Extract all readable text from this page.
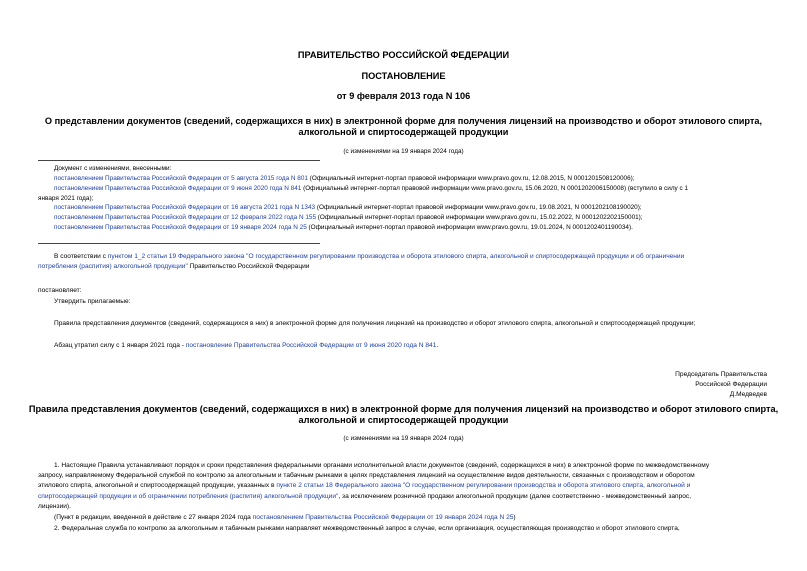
ПРАВИТЕЛЬСТВО РОССИЙСКОЙ ФЕДЕРАЦИИ
ПОСТАНОВЛЕНИЕ
от 9 февраля 2013 года N 106
О представлении документов (сведений, содержащихся в них) в электронной форме для получения лицензий на производство и оборот этилового спирта,
алкогольной и спиртосодержащей продукции
(с изменениями на 19 января 2024 года)
Документ с изменениями, внесенными:
постановлением Правительства Российской Федерации от 5 августа 2015 года N 801 (Официальный интернет-портал правовой информации www.pravo.gov.ru, 12.08.2015, N 0001201508120006);
постановлением Правительства Российской Федерации от 9 июня 2020 года N 841 (Официальный интернет-портал правовой информации www.pravo.gov.ru, 15.06.2020, N 0001202006150008) (вступило в силу с 1
января 2021 года);
постановлением Правительства Российской Федерации от 16 августа 2021 года N 1343 (Официальный интернет-портал правовой информации www.pravo.gov.ru, 19.08.2021, N 0001202108190020);
постановлением Правительства Российской Федерации от 12 февраля 2022 года N 155 (Официальный интернет-портал правовой информации www.pravo.gov.ru, 15.02.2022, N 0001202202150001);
постановлением Правительства Российской Федерации от 19 января 2024 года N 25 (Официальный интернет-портал правовой информации www.pravo.gov.ru, 19.01.2024, N 0001202401190034).
В соответствии с пунктом 1_2 статьи 19 Федерального закона "О государственном регулировании производства и оборота этилового спирта, алкогольной и спиртосодержащей продукции и об ограничении
потребления (распития) алкогольной продукции" Правительство Российской Федерации
постановляет:
Утвердить прилагаемые:
Правила представления документов (сведений, содержащихся в них) в электронной форме для получения лицензий на производство и оборот этилового спирта, алкогольной и спиртосодержащей продукции;
Абзац утратил силу с 1 января 2021 года - постановление Правительства Российской Федерации от 9 июня 2020 года N 841.
Председатель Правительства
Российской Федерации
Д.Медведев
Правила представления документов (сведений, содержащихся в них) в электронной форме для получения лицензий на производство и оборот этилового спирта,
алкогольной и спиртосодержащей продукции
(с изменениями на 19 января 2024 года)
1. Настоящие Правила устанавливают порядок и сроки представления федеральными органами исполнительной власти документов (сведений, содержащихся в них) в электронной форме по межведомственному
запросу, направляемому Федеральной службой по контролю за алкогольным и табачным рынками в целях представления лицензий на осуществление видов деятельности, связанных с производством и оборотом
этилового спирта, алкогольной и спиртосодержащей продукции, указанных в пункте 2 статьи 18 Федерального закона "О государственном регулировании производства и оборота этилового спирта, алкогольной и
спиртосодержащей продукции и об ограничении потребления (распития) алкогольной продукции", за исключением розничной продажи алкогольной продукции (далее соответственно - межведомственный запрос,
лицензии).
(Пункт в редакции, введенной в действие с 27 января 2024 года постановлением Правительства Российской Федерации от 19 января 2024 года N 25)
2. Федеральная служба по контролю за алкогольным и табачным рынками направляет межведомственный запрос в случае, если организация, осуществляющая производство и оборот этилового спирта,
